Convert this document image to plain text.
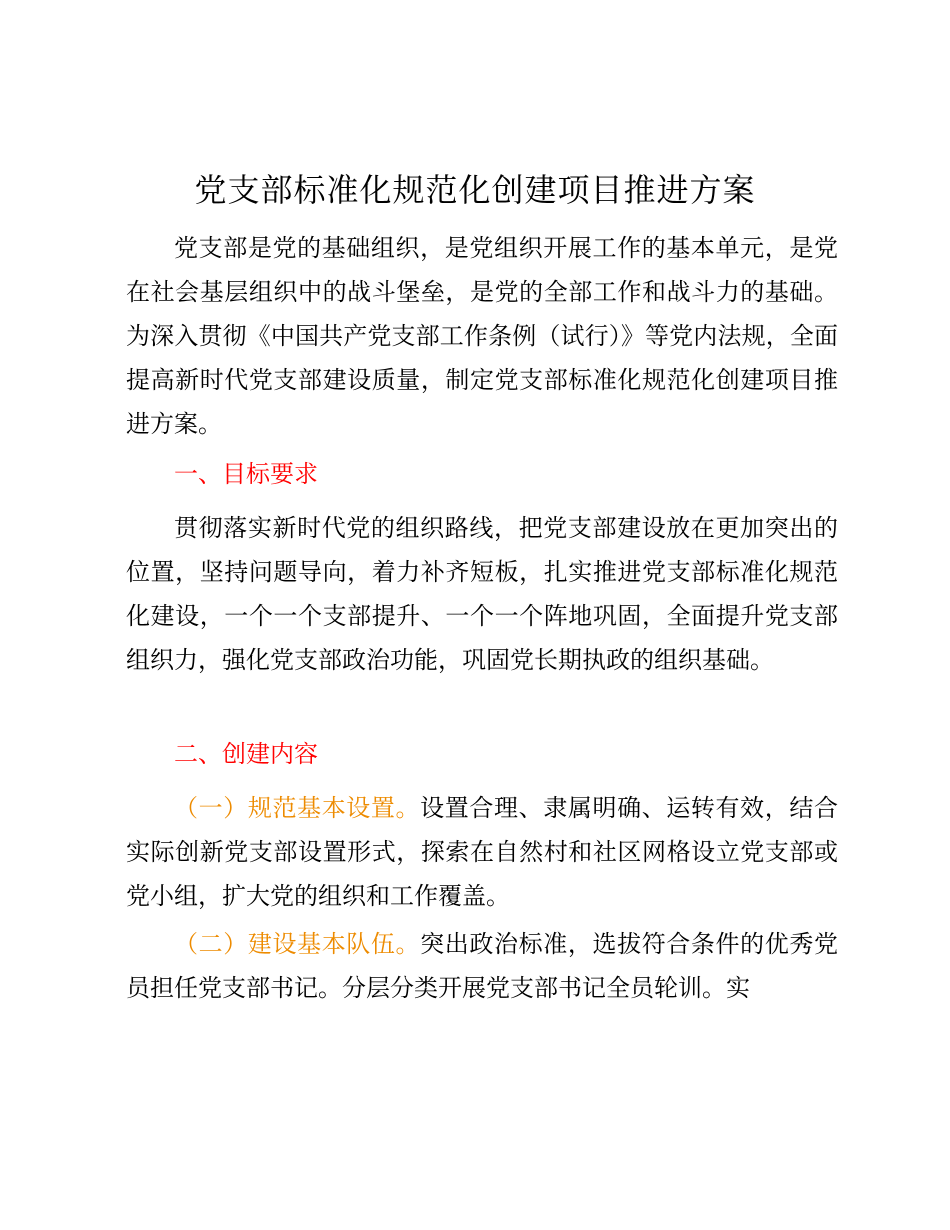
党支部标准化规范化创建项目推进方案

党支部是党的基础组织，是党组织开展工作的基本单元，是党在社会基层组织中的战斗堡垒，是党的全部工作和战斗力的基础。为深入贯彻《中国共产党支部工作条例（试行）》等党内法规，全面提高新时代党支部建设质量，制定党支部标准化规范化创建项目推进方案。

一、目标要求

贯彻落实新时代党的组织路线，把党支部建设放在更加突出的位置，坚持问题导向，着力补齐短板，扎实推进党支部标准化规范化建设，一个一个支部提升、一个一个阵地巩固，全面提升党支部组织力，强化党支部政治功能，巩固党长期执政的组织基础。

二、创建内容

（一）规范基本设置。设置合理、隶属明确、运转有效，结合实际创新党支部设置形式，探索在自然村和社区网格设立党支部或党小组，扩大党的组织和工作覆盖。

（二）建设基本队伍。突出政治标准，选拔符合条件的优秀党员担任党支部书记。分层分类开展党支部书记全员轮训。实
